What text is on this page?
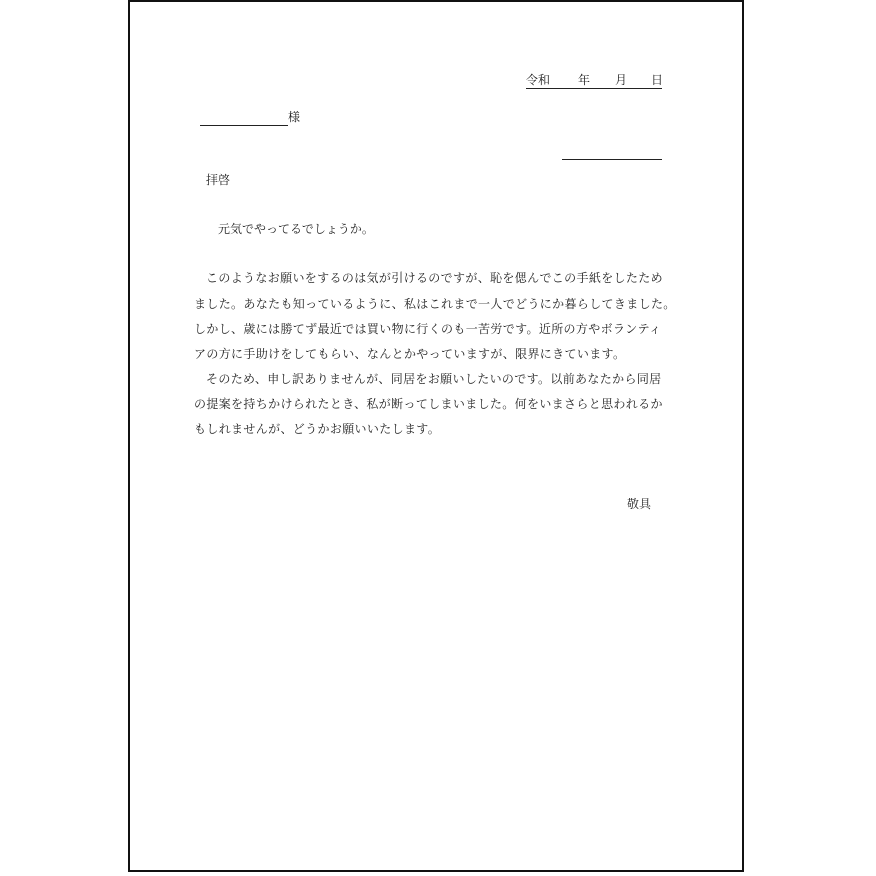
令和 年 月 日
様
拝啓
元気でやってるでしょうか。
このようなお願いをするのは気が引けるのですが、恥を偲んでこの手紙をしたため
ました。あなたも知っているように、私はこれまで一人でどうにか暮らしてきました。
しかし、歳には勝てず最近では買い物に行くのも一苦労です。近所の方やボランティ
アの方に手助けをしてもらい、なんとかやっていますが、限界にきています。
そのため、申し訳ありませんが、同居をお願いしたいのです。以前あなたから同居
の提案を持ちかけられたとき、私が断ってしまいました。何をいまさらと思われるか
もしれませんが、どうかお願いいたします。
敬具
